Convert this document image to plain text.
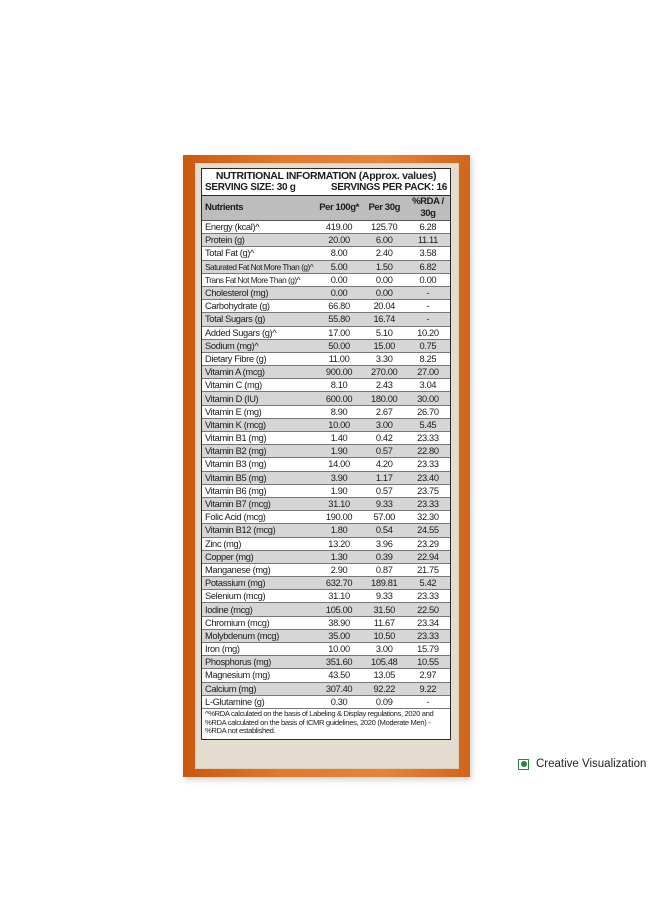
NUTRITIONAL INFORMATION (Approx. values)
SERVING SIZE: 30 g	SERVINGS PER PACK: 16
Nutrients	Per 100g*	Per 30g	%RDA / 30g
Energy (kcal)^	419.00	125.70	6.28
Protein (g)	20.00	6.00	11.11
Total Fat (g)^	8.00	2.40	3.58
Saturated Fat Not More Than (g)^	5.00	1.50	6.82
Trans Fat Not More Than (g)^	0.00	0.00	0.00
Cholesterol (mg)	0.00	0.00	-
Carbohydrate (g)	66.80	20.04	-
Total Sugars (g)	55.80	16.74	-
Added Sugars (g)^	17.00	5.10	10.20
Sodium (mg)^	50.00	15.00	0.75
Dietary Fibre (g)	11.00	3.30	8.25
Vitamin A (mcg)	900.00	270.00	27.00
Vitamin C (mg)	8.10	2.43	3.04
Vitamin D (IU)	600.00	180.00	30.00
Vitamin E (mg)	8.90	2.67	26.70
Vitamin K (mcg)	10.00	3.00	5.45
Vitamin B1 (mg)	1.40	0.42	23.33
Vitamin B2 (mg)	1.90	0.57	22.80
Vitamin B3 (mg)	14.00	4.20	23.33
Vitamin B5 (mg)	3.90	1.17	23.40
Vitamin B6 (mg)	1.90	0.57	23.75
Vitamin B7 (mcg)	31.10	9.33	23.33
Folic Acid (mcg)	190.00	57.00	32.30
Vitamin B12 (mcg)	1.80	0.54	24.55
Zinc (mg)	13.20	3.96	23.29
Copper (mg)	1.30	0.39	22.94
Manganese (mg)	2.90	0.87	21.75
Potassium (mg)	632.70	189.81	5.42
Selenium (mcg)	31.10	9.33	23.33
Iodine (mcg)	105.00	31.50	22.50
Chromium (mcg)	38.90	11.67	23.34
Molybdenum (mcg)	35.00	10.50	23.33
Iron (mg)	10.00	3.00	15.79
Phosphorus (mg)	351.60	105.48	10.55
Magnesium (mg)	43.50	13.05	2.97
Calcium (mg)	307.40	92.22	9.22
L-Glutamine (g)	0.30	0.09	-
^%RDA calculated on the basis of Labeling & Display regulations, 2020 and %RDA calculated on the basis of ICMR guidelines, 2020 (Moderate Men) - %RDA not established.
Creative Visualization
